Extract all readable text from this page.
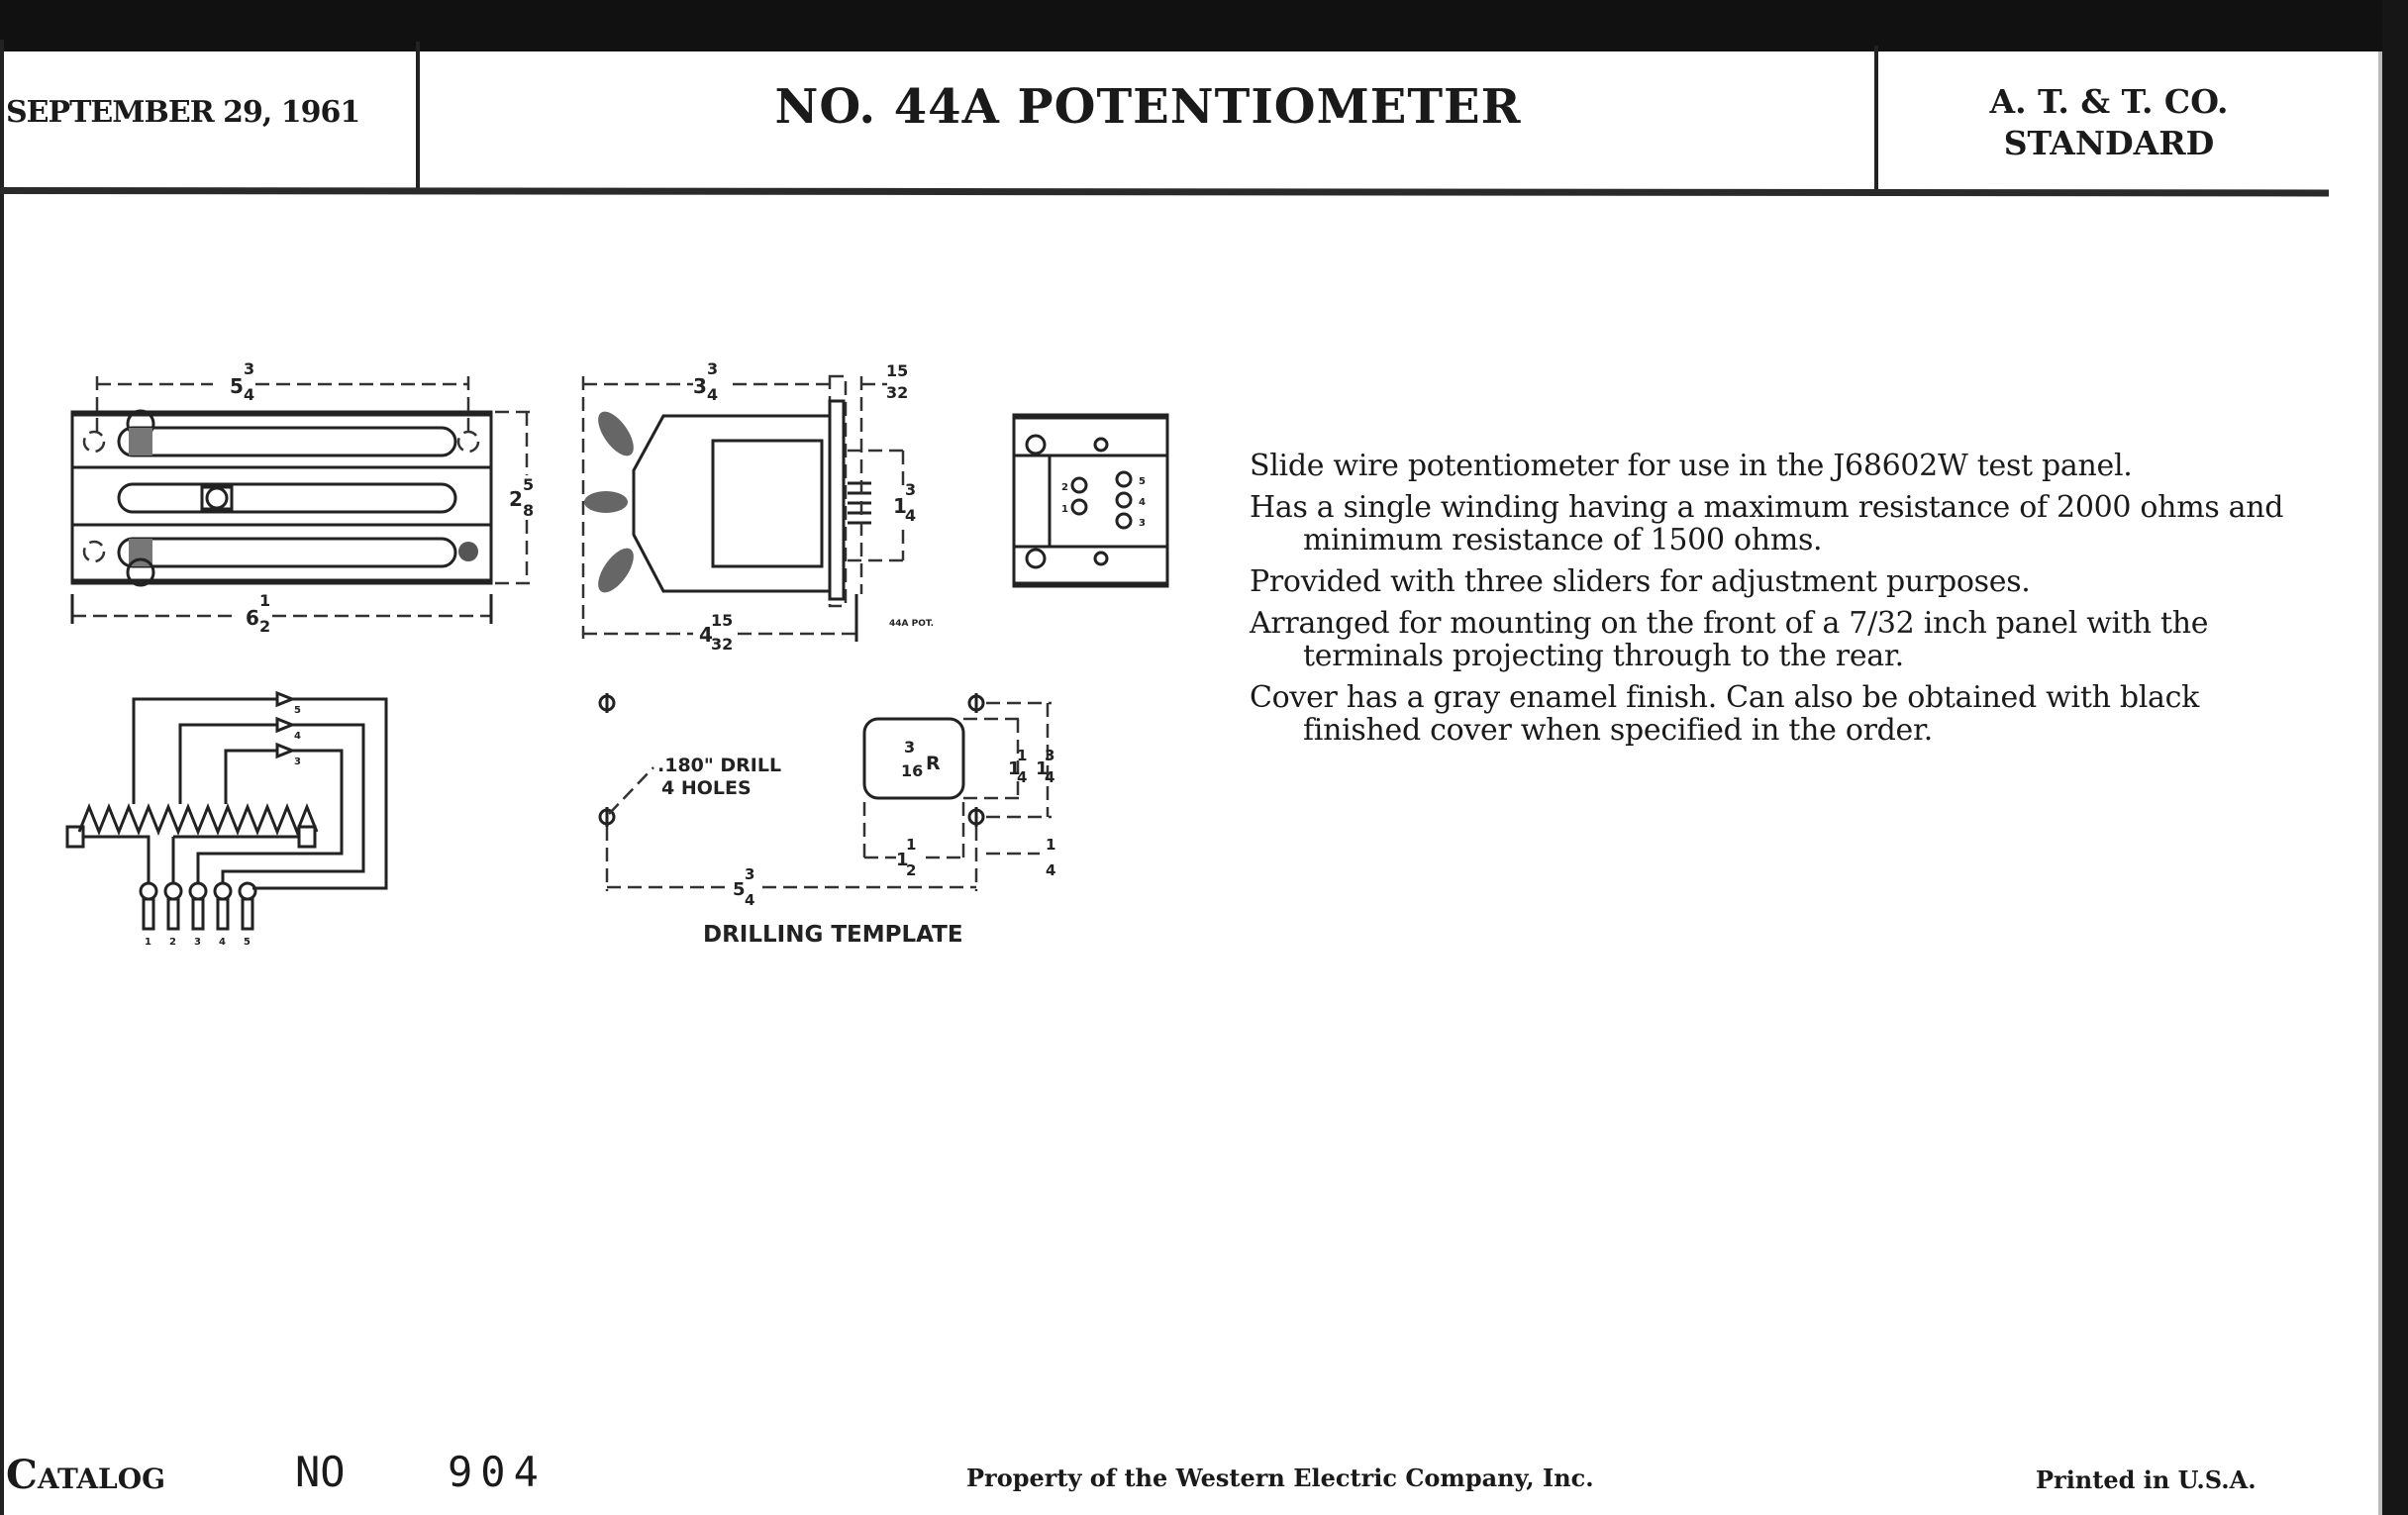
SEPTEMBER 29, 1961	NO. 44A POTENTIOMETER	A. T. & T. CO.
STANDARD

Slide wire potentiometer for use in the J68602W test panel.

Has a single winding having a maximum resistance of 2000 ohms and minimum resistance of 1500 ohms.

Provided with three sliders for adjustment purposes.

Arranged for mounting on the front of a 7/32 inch panel with the terminals projecting through to the rear.

Cover has a gray enamel finish. Can also be obtained with black finished cover when specified in the order.

5
3
4
6
1
2
2
5
8
3
3
4
15
32
1
3
4
4
15
32
44A POT.
2
1
5
4
3
5
4
3
1 2 3 4 5
.180" DRILL
4 HOLES
3
16 R	1
1
4 1
3
4
1
1
2
1
4
5
3
4
DRILLING TEMPLATE
Catalog	NO 904	Property of the Western Electric Company, Inc.	Printed in U.S.A.
